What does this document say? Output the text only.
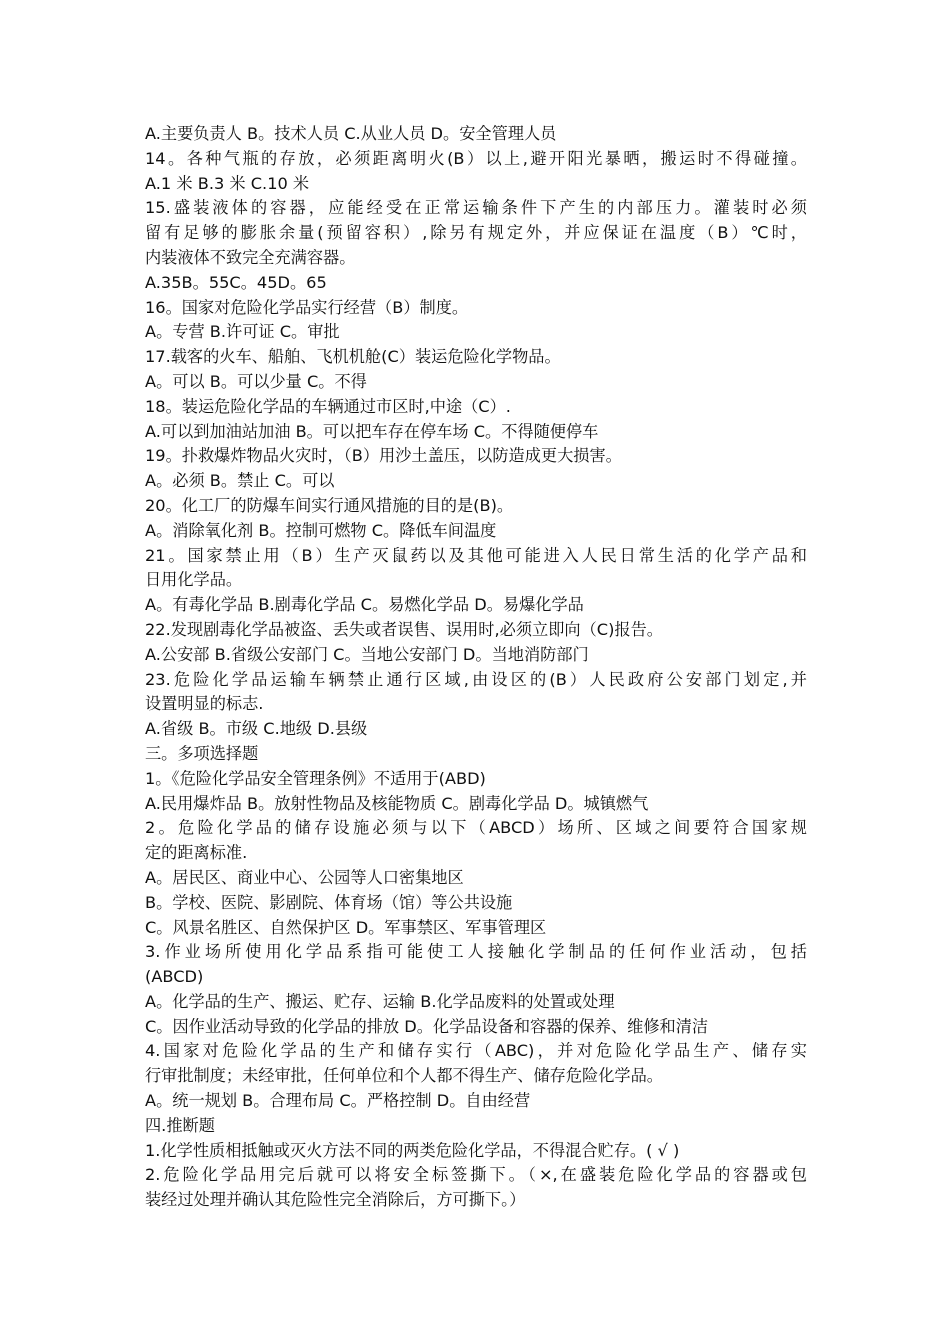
A.主要负责人 B。技术人员 C.从业人员 D。安全管理人员
14。各种气瓶的存放，必须距离明火(B）以上,避开阳光暴晒，搬运时不得碰撞。
A.1 米 B.3 米 C.10 米
15.盛装液体的容器，应能经受在正常运输条件下产生的内部压力。灌装时必须
留有足够的膨胀余量(预留容积）,除另有规定外，并应保证在温度（B）℃时，
内装液体不致完全充满容器。
A.35B。55C。45D。65
16。国家对危险化学品实行经营（B）制度。
A。专营 B.许可证 C。审批
17.载客的火车、船舶、飞机机舱(C）装运危险化学物品。
A。可以 B。可以少量 C。不得
18。装运危险化学品的车辆通过市区时,中途（C）.
A.可以到加油站加油 B。可以把车存在停车场 C。不得随便停车
19。扑救爆炸物品火灾时，（B）用沙土盖压，以防造成更大损害。
A。必须 B。禁止 C。可以
20。化工厂的防爆车间实行通风措施的目的是(B)。
A。消除氧化剂 B。控制可燃物 C。降低车间温度
21。国家禁止用（B）生产灭鼠药以及其他可能进入人民日常生活的化学产品和
日用化学品。
A。有毒化学品 B.剧毒化学品 C。易燃化学品 D。易爆化学品
22.发现剧毒化学品被盗、丢失或者误售、误用时,必须立即向（C)报告。
A.公安部 B.省级公安部门 C。当地公安部门 D。当地消防部门
23.危险化学品运输车辆禁止通行区域,由设区的(B）人民政府公安部门划定,并
设置明显的标志.
A.省级 B。市级 C.地级 D.县级
三。多项选择题
1。《危险化学品安全管理条例》不适用于(ABD)
A.民用爆炸品 B。放射性物品及核能物质 C。剧毒化学品 D。城镇燃气
2。危险化学品的储存设施必须与以下（ABCD）场所、区域之间要符合国家规
定的距离标准.
A。居民区、商业中心、公园等人口密集地区
B。学校、医院、影剧院、体育场（馆）等公共设施
C。风景名胜区、自然保护区 D。军事禁区、军事管理区
3.作业场所使用化学品系指可能使工人接触化学制品的任何作业活动，包括
(ABCD)
A。化学品的生产、搬运、贮存、运输 B.化学品废料的处置或处理
C。因作业活动导致的化学品的排放 D。化学品设备和容器的保养、维修和清洁
4.国家对危险化学品的生产和储存实行（ABC)，并对危险化学品生产、储存实
行审批制度；未经审批，任何单位和个人都不得生产、储存危险化学品。
A。统一规划 B。合理布局 C。严格控制 D。自由经营
四.推断题
1.化学性质相抵触或灭火方法不同的两类危险化学品，不得混合贮存。( √ )
2.危险化学品用完后就可以将安全标签撕下。（×,在盛装危险化学品的容器或包
装经过处理并确认其危险性完全消除后，方可撕下。）
